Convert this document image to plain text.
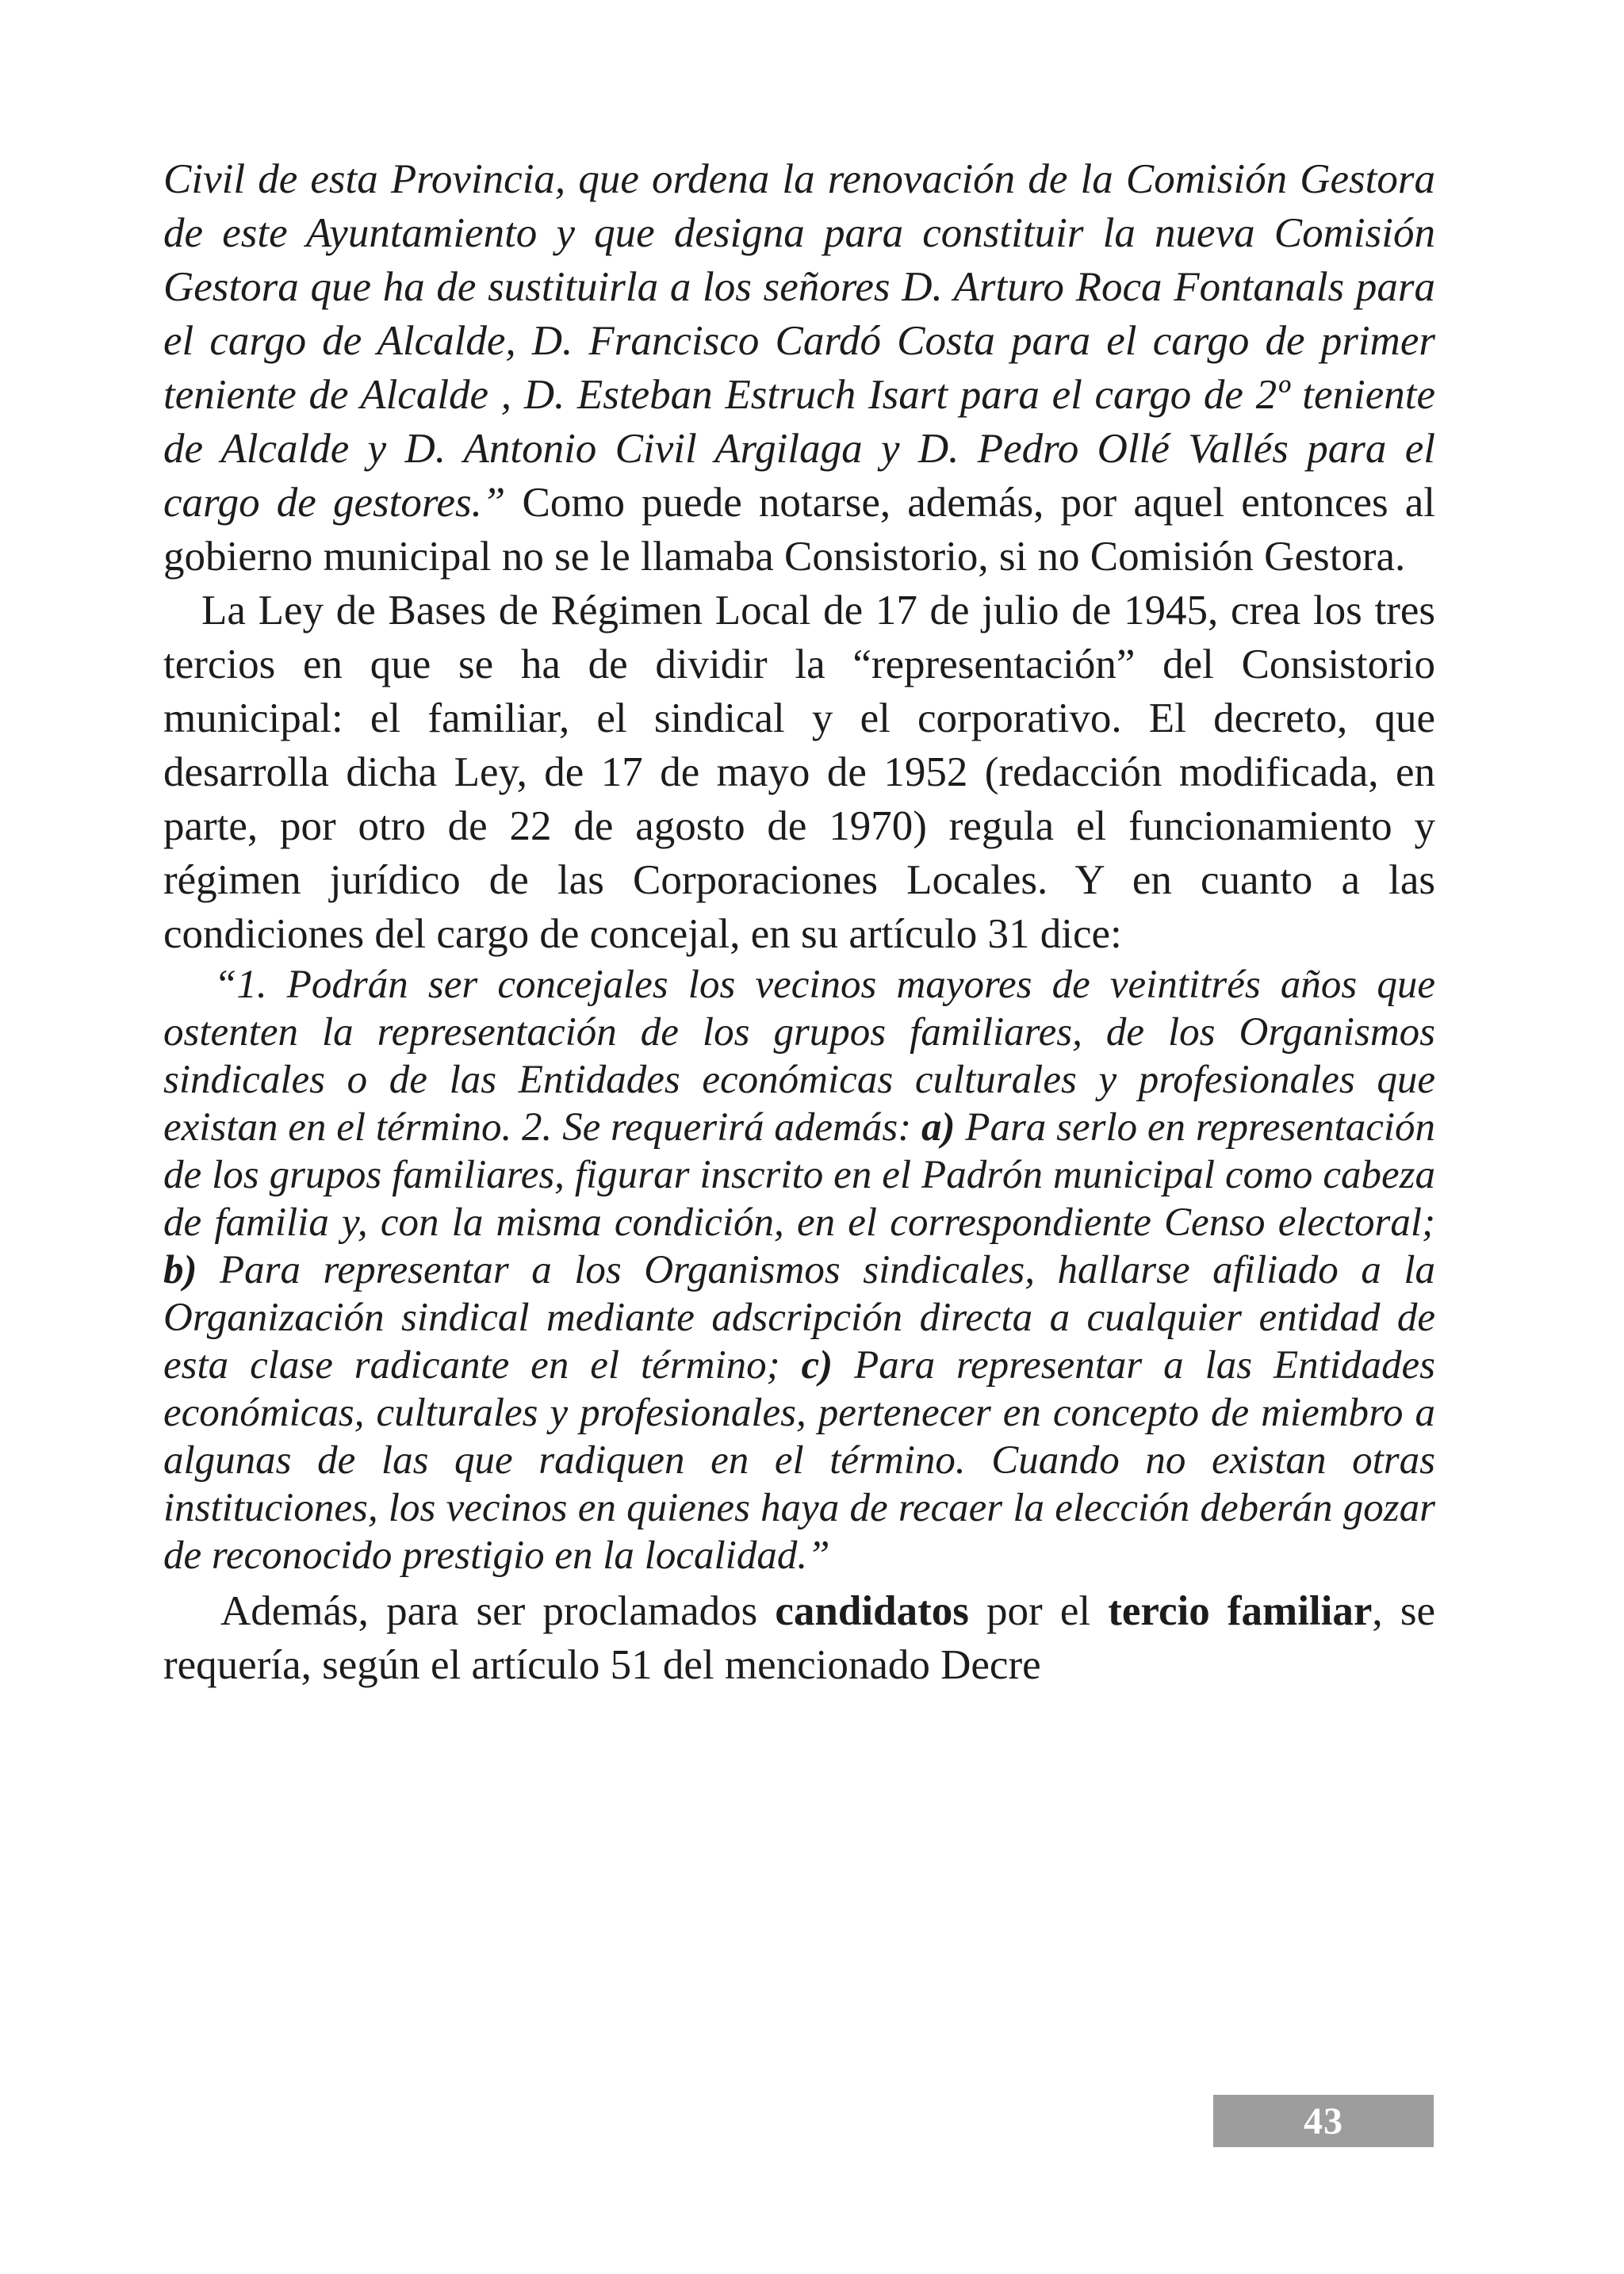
Civil de esta Provincia, que ordena la renovación de la Comisión Gestora de este Ayuntamiento y que designa para constituir la nueva Comisión Gestora que ha de sustituirla a los señores D. Arturo Roca Fontanals para el cargo de Alcalde, D. Francisco Cardó Costa para el cargo de primer teniente de Alcalde , D. Esteban Estruch Isart para el cargo de 2º teniente de Alcalde y D. Antonio Civil Argilaga y D. Pedro Ollé Vallés para el cargo de gestores.” Como puede notarse, además, por aquel entonces al gobierno municipal no se le llamaba Consistorio, si no Comisión Gestora.

La Ley de Bases de Régimen Local de 17 de julio de 1945, crea los tres tercios en que se ha de dividir la “representación” del Consistorio municipal: el familiar, el sindical y el corporativo. El decreto, que desarrolla dicha Ley, de 17 de mayo de 1952 (redacción modificada, en parte, por otro de 22 de agosto de 1970) regula el funcionamiento y régimen jurídico de las Corporaciones Locales. Y en cuanto a las condiciones del cargo de concejal, en su artículo 31 dice:

“1. Podrán ser concejales los vecinos mayores de veintitrés años que ostenten la representación de los grupos familiares, de los Organismos sindicales o de las Entidades económicas culturales y profesionales que existan en el término. 2. Se requerirá además: a) Para serlo en representación de los grupos familiares, figurar inscrito en el Padrón municipal como cabeza de familia y, con la misma condición, en el correspondiente Censo electoral; b) Para representar a los Organismos sindicales, hallarse afiliado a la Organización sindical mediante adscripción directa a cualquier entidad de esta clase radicante en el término; c) Para representar a las Entidades económicas, culturales y profesionales, pertenecer en concepto de miembro a algunas de las que radiquen en el término. Cuando no existan otras instituciones, los vecinos en quienes haya de recaer la elección deberán gozar de reconocido prestigio en la localidad.”

Además, para ser proclamados candidatos por el tercio familiar, se requería, según el artículo 51 del mencionado Decre

43
